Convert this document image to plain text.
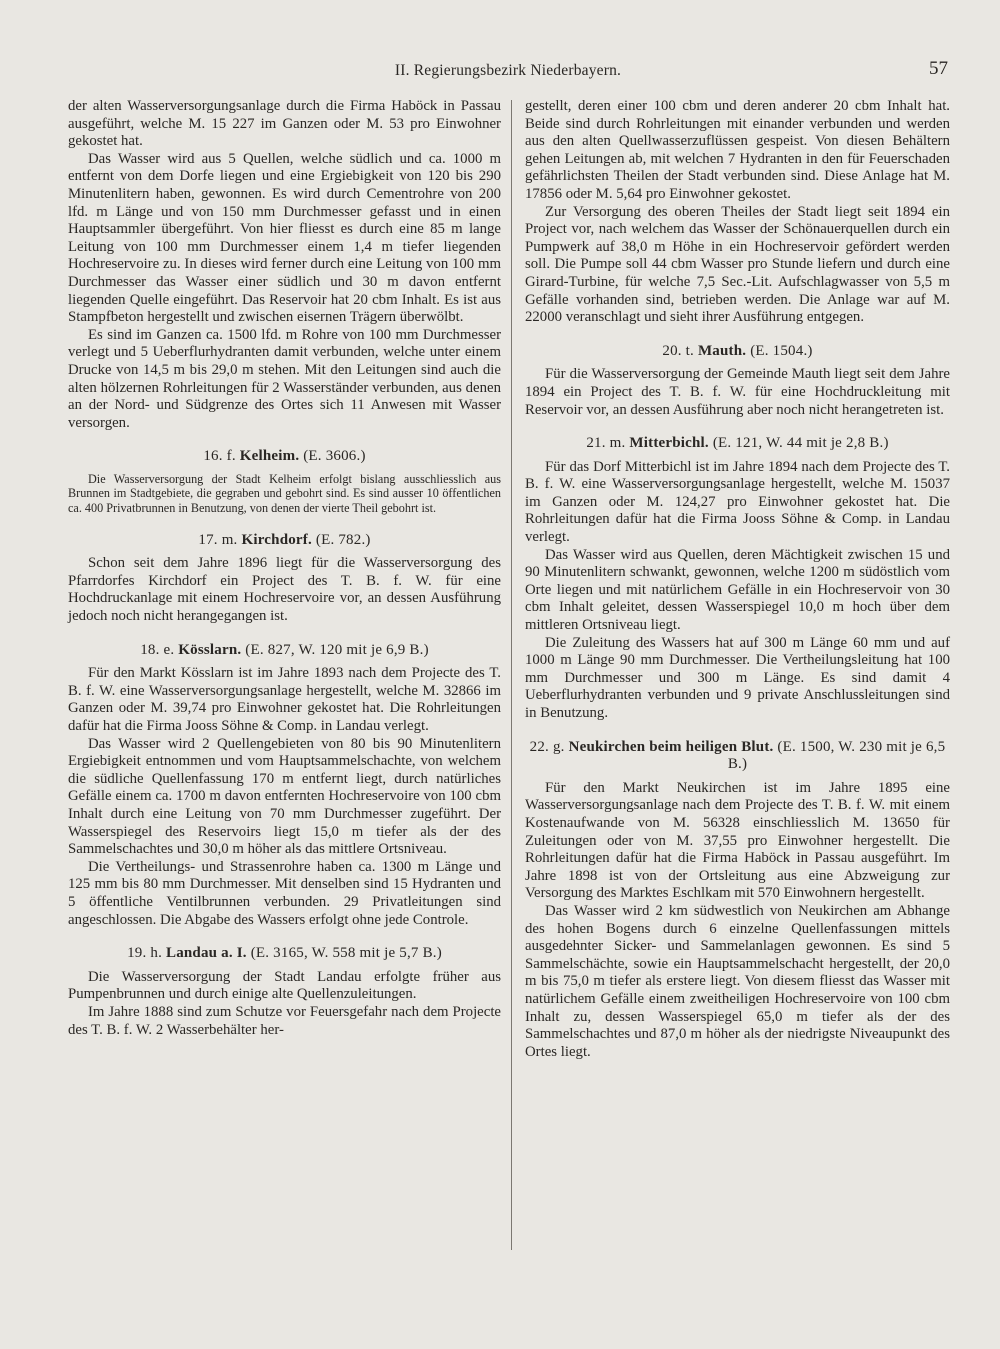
II. Regierungsbezirk Niederbayern.	57

der alten Wasserversorgungsanlage durch die Firma Haböck in Passau ausgeführt, welche M. 15 227 im Ganzen oder M. 53 pro Einwohner gekostet hat.

Das Wasser wird aus 5 Quellen, welche südlich und ca. 1000 m entfernt von dem Dorfe liegen und eine Ergiebigkeit von 120 bis 290 Minutenlitern haben, gewonnen. Es wird durch Cementrohre von 200 lfd. m Länge und von 150 mm Durchmesser gefasst und in einen Hauptsammler übergeführt. Von hier fliesst es durch eine 85 m lange Leitung von 100 mm Durchmesser einem 1,4 m tiefer liegenden Hochreservoire zu. In dieses wird ferner durch eine Leitung von 100 mm Durchmesser das Wasser einer südlich und 30 m davon entfernt liegenden Quelle eingeführt. Das Reservoir hat 20 cbm Inhalt. Es ist aus Stampfbeton hergestellt und zwischen eisernen Trägern überwölbt.

Es sind im Ganzen ca. 1500 lfd. m Rohre von 100 mm Durchmesser verlegt und 5 Ueberflurhydranten damit verbunden, welche unter einem Drucke von 14,5 m bis 29,0 m stehen. Mit den Leitungen sind auch die alten hölzernen Rohrleitungen für 2 Wasserständer verbunden, aus denen an der Nord- und Südgrenze des Ortes sich 11 Anwesen mit Wasser versorgen.

16. f. Kelheim. (E. 3606.)

Die Wasserversorgung der Stadt Kelheim erfolgt bislang ausschliesslich aus Brunnen im Stadtgebiete, die gegraben und gebohrt sind. Es sind ausser 10 öffentlichen ca. 400 Privatbrunnen in Benutzung, von denen der vierte Theil gebohrt ist.

17. m. Kirchdorf. (E. 782.)

Schon seit dem Jahre 1896 liegt für die Wasserversorgung des Pfarrdorfes Kirchdorf ein Project des T. B. f. W. für eine Hochdruckanlage mit einem Hochreservoire vor, an dessen Ausführung jedoch noch nicht herangegangen ist.

18. e. Kösslarn. (E. 827, W. 120 mit je 6,9 B.)

Für den Markt Kösslarn ist im Jahre 1893 nach dem Projecte des T. B. f. W. eine Wasserversorgungsanlage hergestellt, welche M. 32866 im Ganzen oder M. 39,74 pro Einwohner gekostet hat. Die Rohrleitungen dafür hat die Firma Jooss Söhne & Comp. in Landau verlegt.

Das Wasser wird 2 Quellengebieten von 80 bis 90 Minutenlitern Ergiebigkeit entnommen und vom Hauptsammelschachte, von welchem die südliche Quellenfassung 170 m entfernt liegt, durch natürliches Gefälle einem ca. 1700 m davon entfernten Hochreservoire von 100 cbm Inhalt durch eine Leitung von 70 mm Durchmesser zugeführt. Der Wasserspiegel des Reservoirs liegt 15,0 m tiefer als der des Sammelschachtes und 30,0 m höher als das mittlere Ortsniveau.

Die Vertheilungs- und Strassenrohre haben ca. 1300 m Länge und 125 mm bis 80 mm Durchmesser. Mit denselben sind 15 Hydranten und 5 öffentliche Ventilbrunnen verbunden. 29 Privatleitungen sind angeschlossen. Die Abgabe des Wassers erfolgt ohne jede Controle.

19. h. Landau a. I. (E. 3165, W. 558 mit je 5,7 B.)

Die Wasserversorgung der Stadt Landau erfolgte früher aus Pumpenbrunnen und durch einige alte Quellenzuleitungen.

Im Jahre 1888 sind zum Schutze vor Feuersgefahr nach dem Projecte des T. B. f. W. 2 Wasserbehälter her-

gestellt, deren einer 100 cbm und deren anderer 20 cbm Inhalt hat. Beide sind durch Rohrleitungen mit einander verbunden und werden aus den alten Quellwasserzuflüssen gespeist. Von diesen Behältern gehen Leitungen ab, mit welchen 7 Hydranten in den für Feuerschaden gefährlichsten Theilen der Stadt verbunden sind. Diese Anlage hat M. 17856 oder M. 5,64 pro Einwohner gekostet.

Zur Versorgung des oberen Theiles der Stadt liegt seit 1894 ein Project vor, nach welchem das Wasser der Schönauerquellen durch ein Pumpwerk auf 38,0 m Höhe in ein Hochreservoir gefördert werden soll. Die Pumpe soll 44 cbm Wasser pro Stunde liefern und durch eine Girard-Turbine, für welche 7,5 Sec.-Lit. Aufschlagwasser von 5,5 m Gefälle vorhanden sind, betrieben werden. Die Anlage war auf M. 22000 veranschlagt und sieht ihrer Ausführung entgegen.

20. t. Mauth. (E. 1504.)

Für die Wasserversorgung der Gemeinde Mauth liegt seit dem Jahre 1894 ein Project des T. B. f. W. für eine Hochdruckleitung mit Reservoir vor, an dessen Ausführung aber noch nicht herangetreten ist.

21. m. Mitterbichl. (E. 121, W. 44 mit je 2,8 B.)

Für das Dorf Mitterbichl ist im Jahre 1894 nach dem Projecte des T. B. f. W. eine Wasserversorgungsanlage hergestellt, welche M. 15037 im Ganzen oder M. 124,27 pro Einwohner gekostet hat. Die Rohrleitungen dafür hat die Firma Jooss Söhne & Comp. in Landau verlegt.

Das Wasser wird aus Quellen, deren Mächtigkeit zwischen 15 und 90 Minutenlitern schwankt, gewonnen, welche 1200 m südöstlich vom Orte liegen und mit natürlichem Gefälle in ein Hochreservoir von 30 cbm Inhalt geleitet, dessen Wasserspiegel 10,0 m hoch über dem mittleren Ortsniveau liegt.

Die Zuleitung des Wassers hat auf 300 m Länge 60 mm und auf 1000 m Länge 90 mm Durchmesser. Die Vertheilungsleitung hat 100 mm Durchmesser und 300 m Länge. Es sind damit 4 Ueberflurhydranten verbunden und 9 private Anschlussleitungen sind in Benutzung.

22. g. Neukirchen beim heiligen Blut. (E. 1500, W. 230 mit je 6,5 B.)

Für den Markt Neukirchen ist im Jahre 1895 eine Wasserversorgungsanlage nach dem Projecte des T. B. f. W. mit einem Kostenaufwande von M. 56328 einschliesslich M. 13650 für Zuleitungen oder von M. 37,55 pro Einwohner hergestellt. Die Rohrleitungen dafür hat die Firma Haböck in Passau ausgeführt. Im Jahre 1898 ist von der Ortsleitung aus eine Abzweigung zur Versorgung des Marktes Eschlkam mit 570 Einwohnern hergestellt.

Das Wasser wird 2 km südwestlich von Neukirchen am Abhange des hohen Bogens durch 6 einzelne Quellenfassungen mittels ausgedehnter Sicker- und Sammelanlagen gewonnen. Es sind 5 Sammelschächte, sowie ein Hauptsammelschacht hergestellt, der 20,0 m bis 75,0 m tiefer als erstere liegt. Von diesem fliesst das Wasser mit natürlichem Gefälle einem zweitheiligen Hochreservoire von 100 cbm Inhalt zu, dessen Wasserspiegel 65,0 m tiefer als der des Sammelschachtes und 87,0 m höher als der niedrigste Niveaupunkt des Ortes liegt.
